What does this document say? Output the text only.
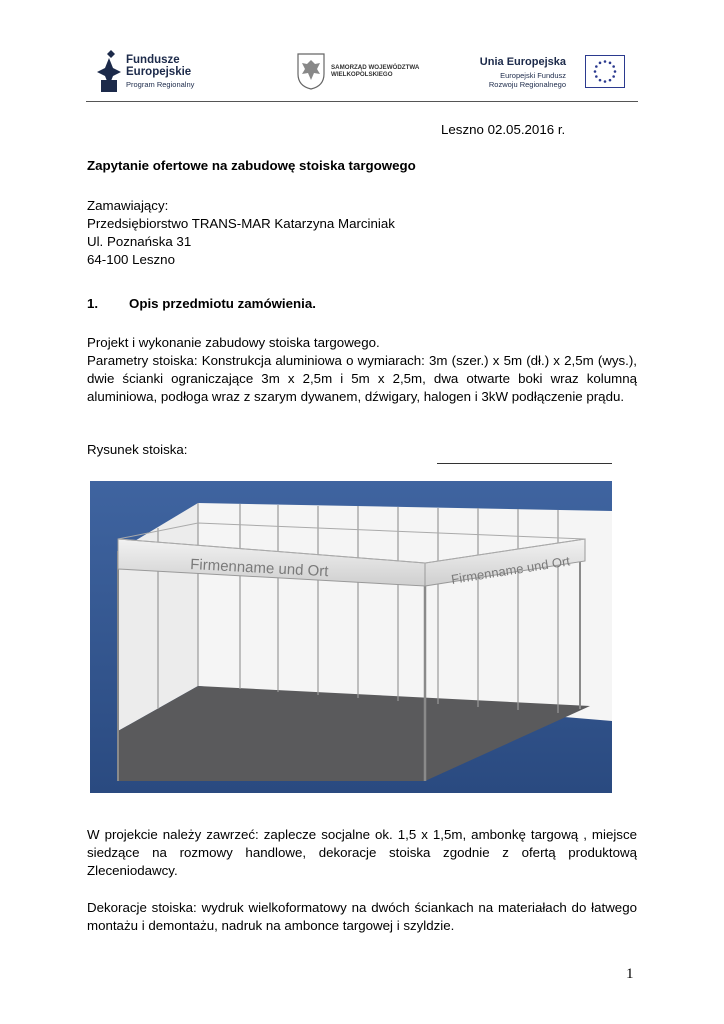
Fundusze
Europejskie
Program Regionalny
SAMORZĄD WOJEWÓDZTWA
WIELKOPOLSKIEGO
Unia Europejska
Europejski Fundusz
Rozwoju Regionalnego
Leszno 02.05.2016 r.
Zapytanie ofertowe na zabudowę stoiska targowego
Zamawiający:
Przedsiębiorstwo TRANS-MAR Katarzyna Marciniak
Ul. Poznańska 31
64-100 Leszno
1. Opis przedmiotu zamówienia.
Projekt i wykonanie zabudowy stoiska targowego.
Parametry stoiska: Konstrukcja aluminiowa o wymiarach: 3m (szer.) x 5m (dł.) x 2,5m (wys.), dwie ścianki ograniczające 3m x 2,5m i 5m x 2,5m, dwa otwarte boki wraz kolumną aluminiowa, podłoga wraz z szarym dywanem, dźwigary, halogen i 3kW podłączenie prądu.
Rysunek stoiska:
Firmenname und Ort	Firmenname und Ort
W projekcie należy zawrzeć: zaplecze socjalne ok. 1,5 x 1,5m, ambonkę targową , miejsce siedzące na rozmowy handlowe, dekoracje stoiska zgodnie z ofertą produktową Zleceniodawcy.
Dekoracje stoiska: wydruk wielkoformatowy na dwóch ściankach na materiałach do łatwego montażu i demontażu, nadruk na ambonce targowej i szyldzie.
1
